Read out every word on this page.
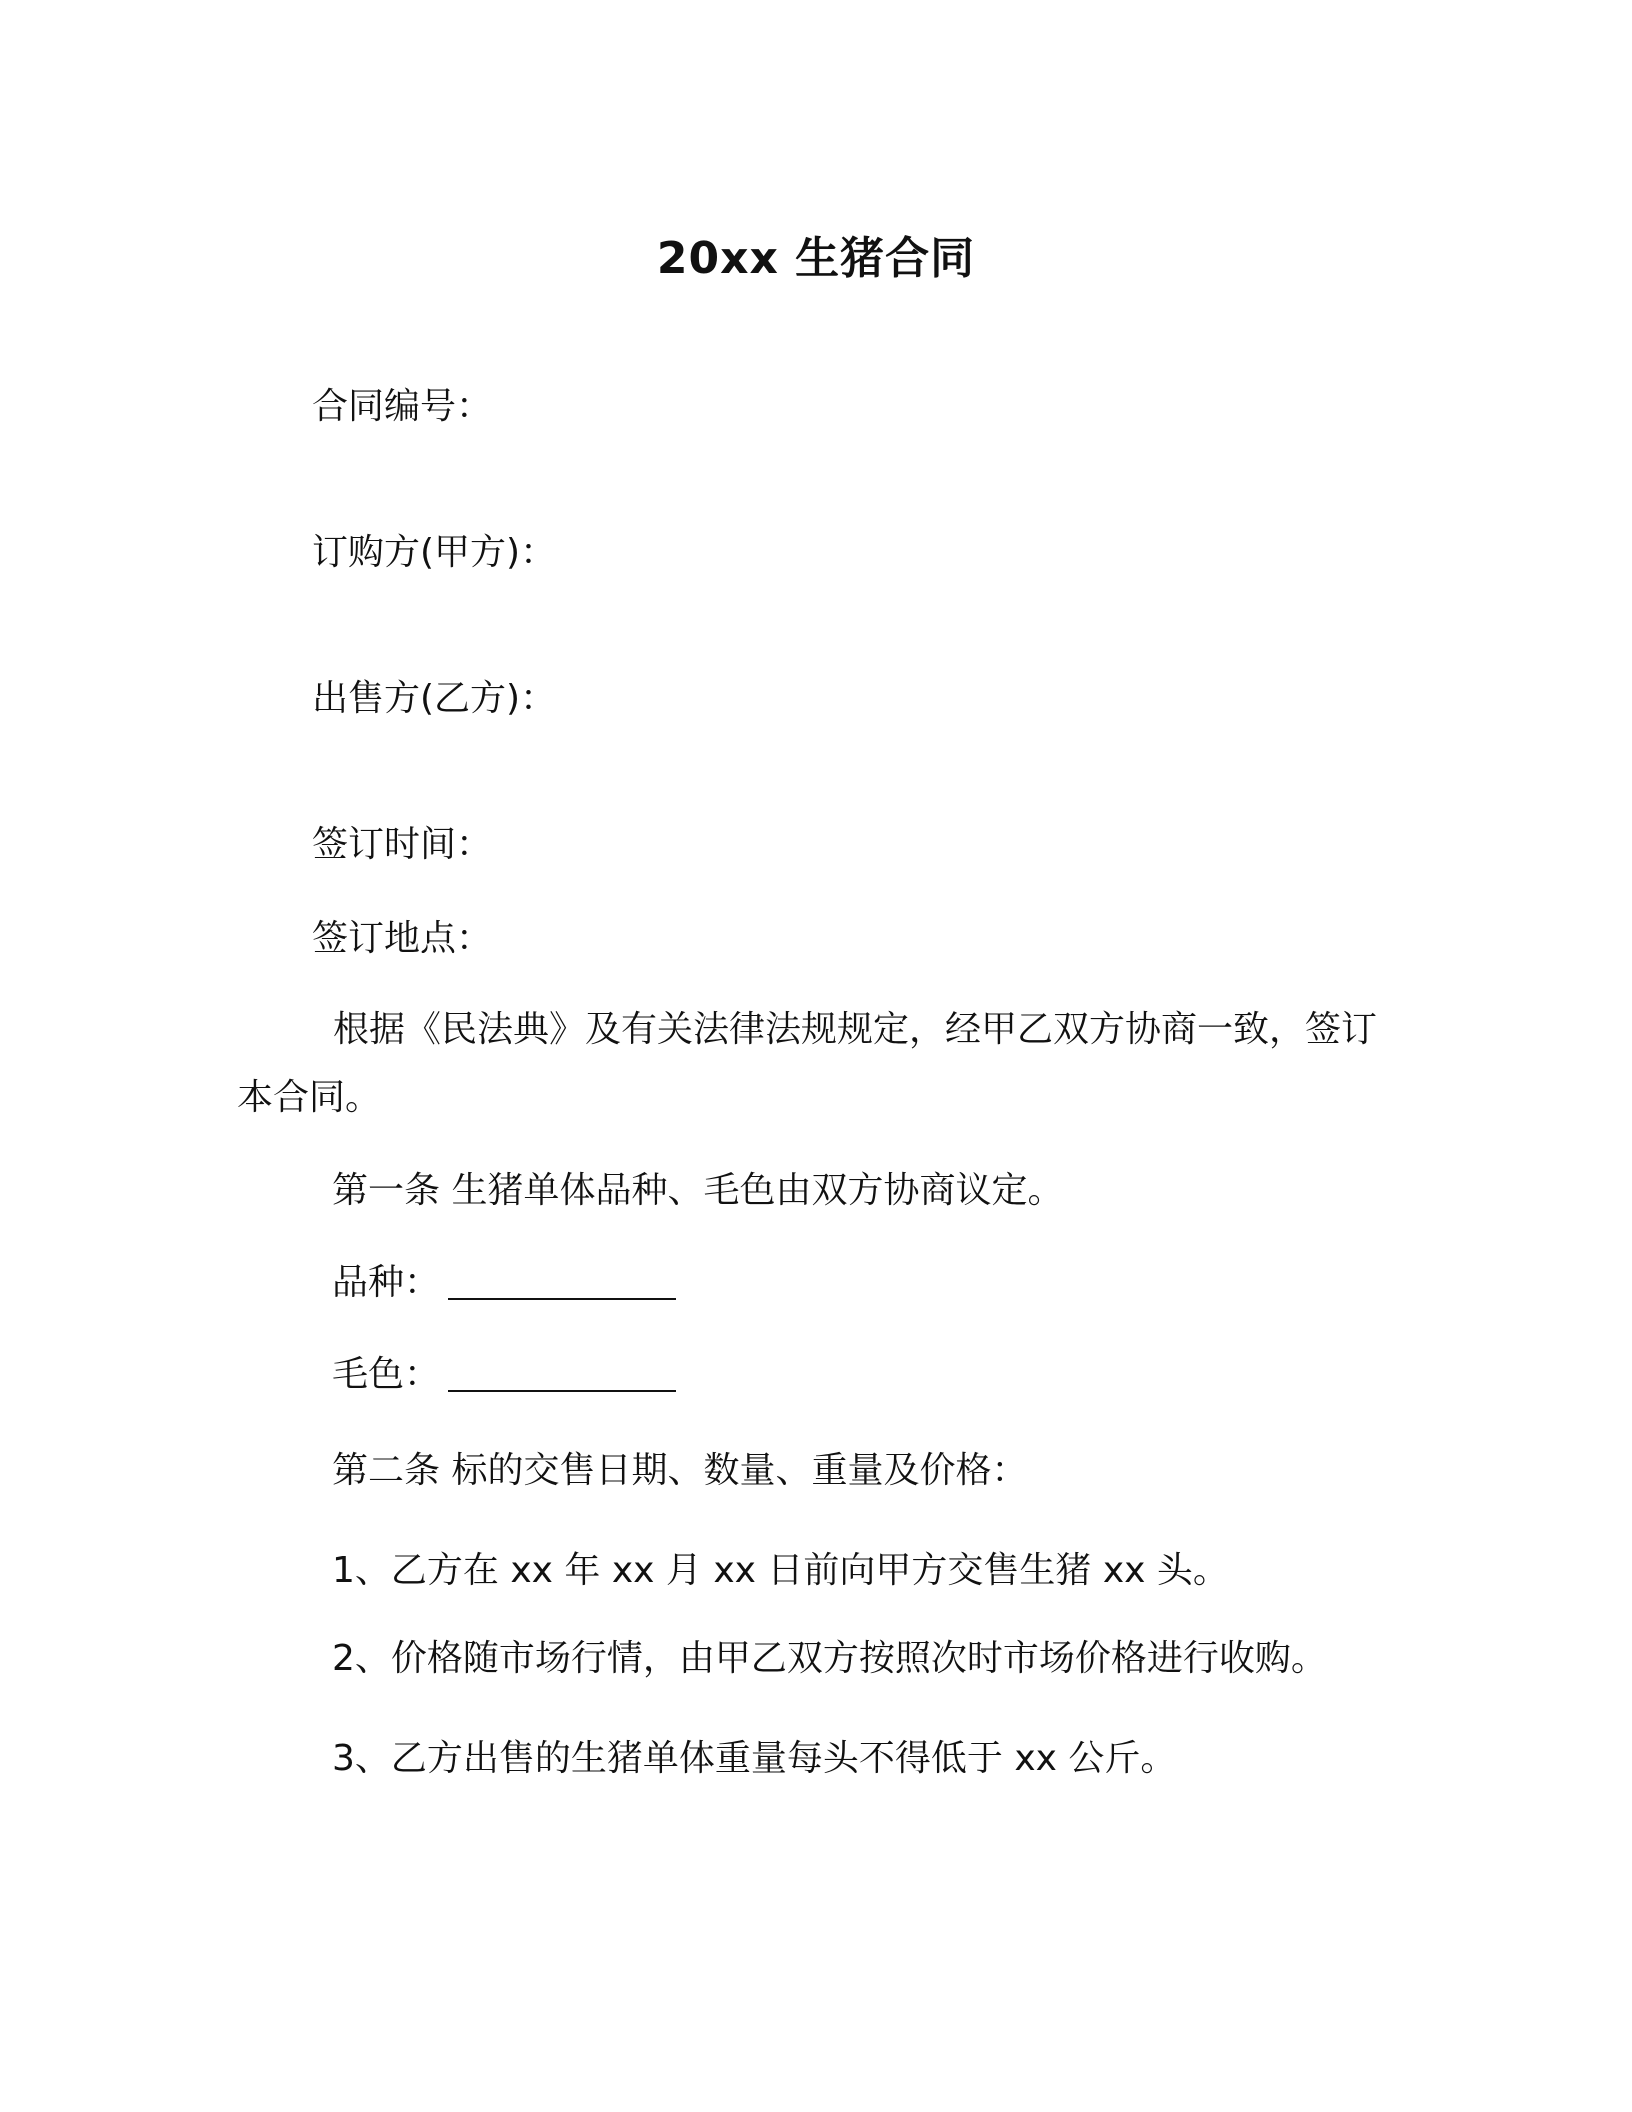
20xx 生猪合同
合同编号：
订购方(甲方)：
出售方(乙方)：
签订时间：
签订地点：
根据《民法典》及有关法律法规规定，经甲乙双方协商一致，签订本合同。
第一条 生猪单体品种、毛色由双方协商议定。
品种：
毛色：
第二条 标的交售日期、数量、重量及价格：
1、乙方在 xx 年 xx 月 xx 日前向甲方交售生猪 xx 头。
2、价格随市场行情，由甲乙双方按照次时市场价格进行收购。
3、乙方出售的生猪单体重量每头不得低于 xx 公斤。
